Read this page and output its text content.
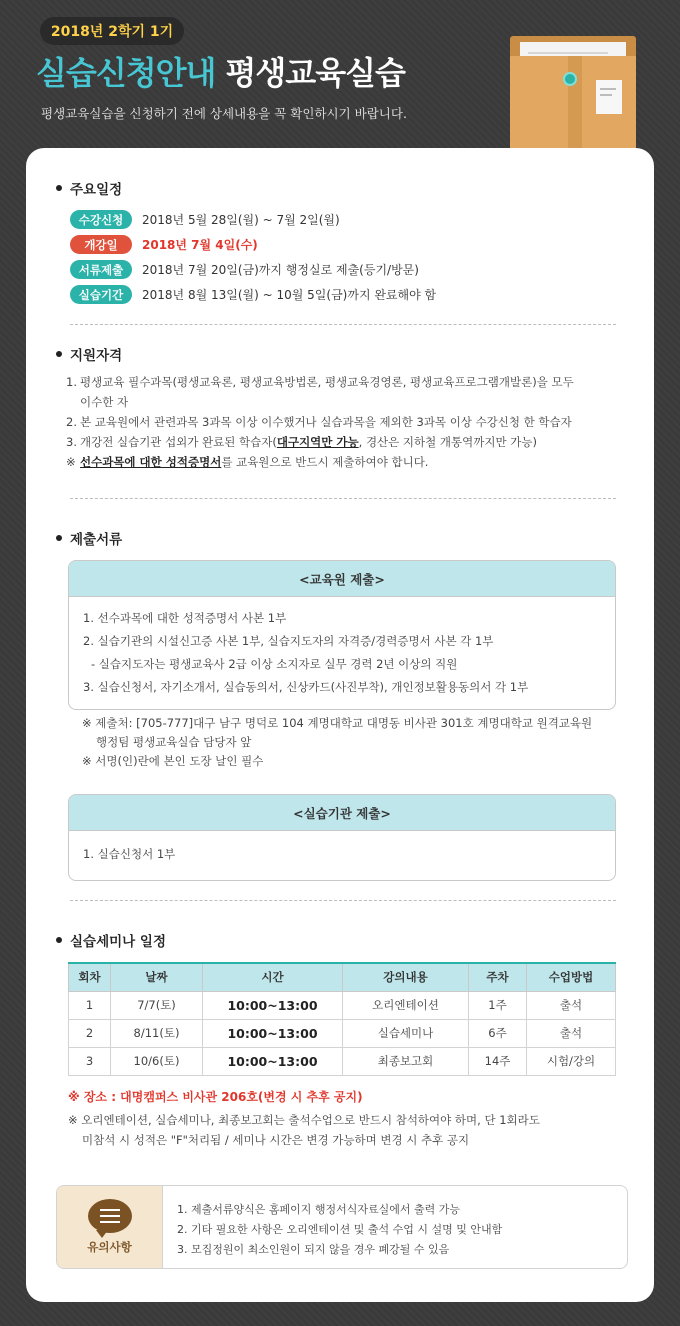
2018년 2학기 1기
실습신청안내 평생교육실습
평생교육실습을 신청하기 전에 상세내용을 꼭 확인하시기 바랍니다.
주요일정
수강신청	2018년 5월 28일(월) ~ 7월 2일(월)
개강일	2018년 7월 4일(수)
서류제출	2018년 7월 20일(금)까지 행정실로 제출(등기/방문)
실습기간	2018년 8월 13일(월) ~ 10월 5일(금)까지 완료해야 함
지원자격
1. 평생교육 필수과목(평생교육론, 평생교육방법론, 평생교육경영론, 평생교육프로그램개발론)을 모두
이수한 자
2. 본 교육원에서 관련과목 3과목 이상 이수했거나 실습과목을 제외한 3과목 이상 수강신청 한 학습자
3. 개강전 실습기관 섭외가 완료된 학습자(대구지역만 가능, 경산은 지하철 개통역까지만 가능)
※ 선수과목에 대한 성적증명서를 교육원으로 반드시 제출하여야 합니다.
제출서류
<교육원 제출>
1. 선수과목에 대한 성적증명서 사본 1부
2. 실습기관의 시설신고증 사본 1부, 실습지도자의 자격증/경력증명서 사본 각 1부
- 실습지도자는 평생교육사 2급 이상 소지자로 실무 경력 2년 이상의 직원
3. 실습신청서, 자기소개서, 실습동의서, 신상카드(사진부착), 개인정보활용동의서 각 1부
※ 제출처: [705-777]대구 남구 명덕로 104 계명대학교 대명동 비사관 301호 계명대학교 원격교육원
행정팀 평생교육실습 담당자 앞
※ 서명(인)란에 본인 도장 날인 필수
<실습기관 제출>
1. 실습신청서 1부
실습세미나 일정
회차	날짜	시간	강의내용	주차	수업방법
1	7/7(토)	10:00~13:00	오리엔테이션	1주	출석
2	8/11(토)	10:00~13:00	실습세미나	6주	출석
3	10/6(토)	10:00~13:00	최종보고회	14주	시험/강의
※ 장소 : 대명캠퍼스 비사관 206호(변경 시 추후 공지)
※ 오리엔테이션, 실습세미나, 최종보고회는 출석수업으로 반드시 참석하여야 하며, 단 1회라도
미참석 시 성적은 "F"처리됨 / 세미나 시간은 변경 가능하며 변경 시 추후 공지
유의사항
1. 제출서류양식은 홈페이지 행정서식자료실에서 출력 가능
2. 기타 필요한 사항은 오리엔테이션 및 출석 수업 시 설명 및 안내함
3. 모집정원이 최소인원이 되지 않을 경우 폐강될 수 있음
